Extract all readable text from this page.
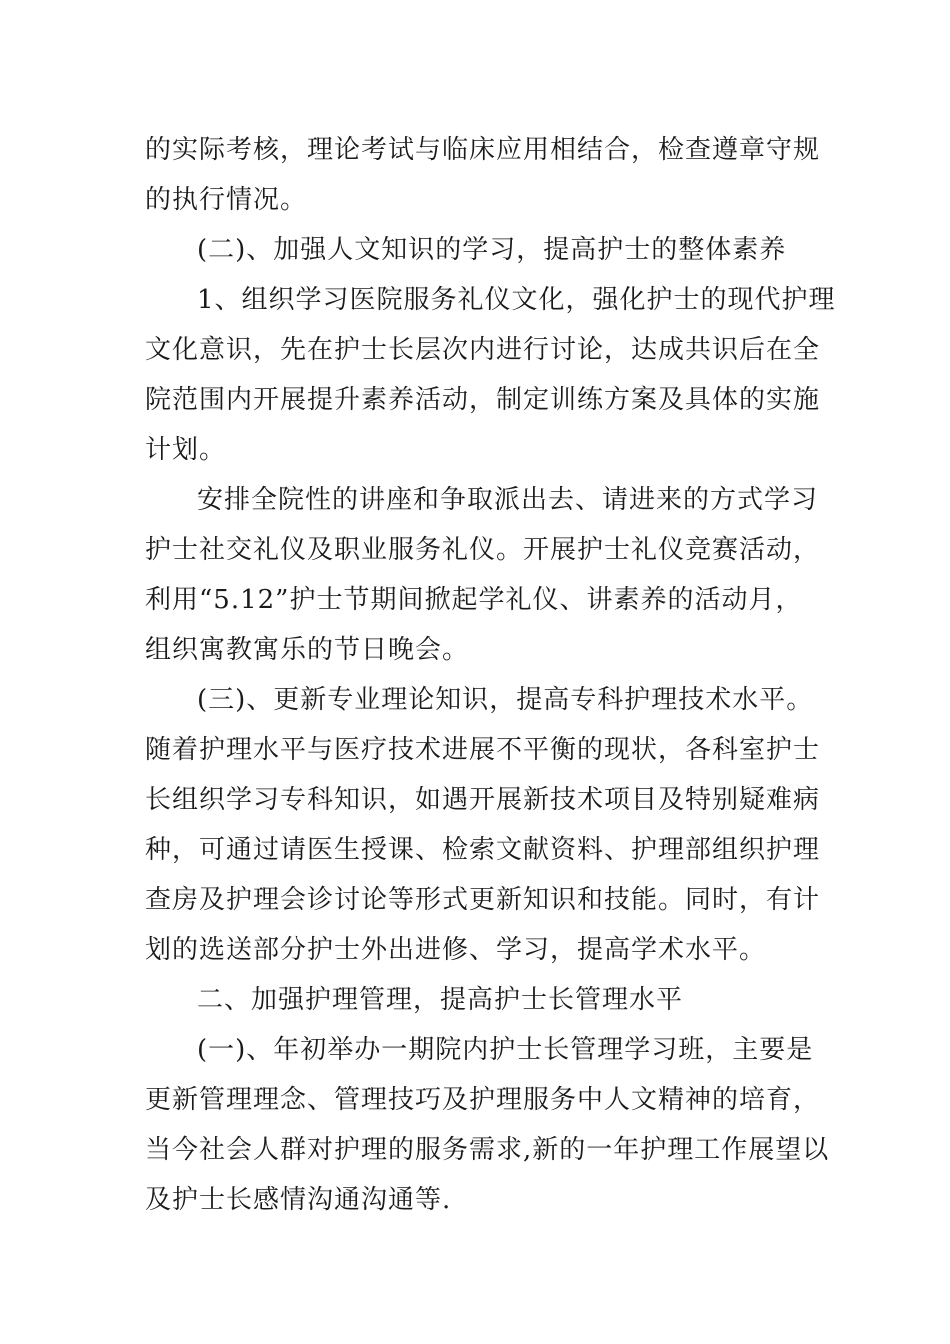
的实际考核，理论考试与临床应用相结合，检查遵章守规
的执行情况。
(二)、加强人文知识的学习，提高护士的整体素养
1、组织学习医院服务礼仪文化，强化护士的现代护理
文化意识，先在护士长层次内进行讨论，达成共识后在全
院范围内开展提升素养活动，制定训练方案及具体的实施
计划。
安排全院性的讲座和争取派出去、请进来的方式学习
护士社交礼仪及职业服务礼仪。开展护士礼仪竞赛活动，
利用“5.12”护士节期间掀起学礼仪、讲素养的活动月，
组织寓教寓乐的节日晚会。
(三)、更新专业理论知识，提高专科护理技术水平。
随着护理水平与医疗技术进展不平衡的现状，各科室护士
长组织学习专科知识，如遇开展新技术项目及特别疑难病
种，可通过请医生授课、检索文献资料、护理部组织护理
查房及护理会诊讨论等形式更新知识和技能。同时，有计
划的选送部分护士外出进修、学习，提高学术水平。
二、加强护理管理，提高护士长管理水平
(一)、年初举办一期院内护士长管理学习班，主要是
更新管理理念、管理技巧及护理服务中人文精神的培育，
当今社会人群对护理的服务需求,新的一年护理工作展望以
及护士长感情沟通沟通等.
